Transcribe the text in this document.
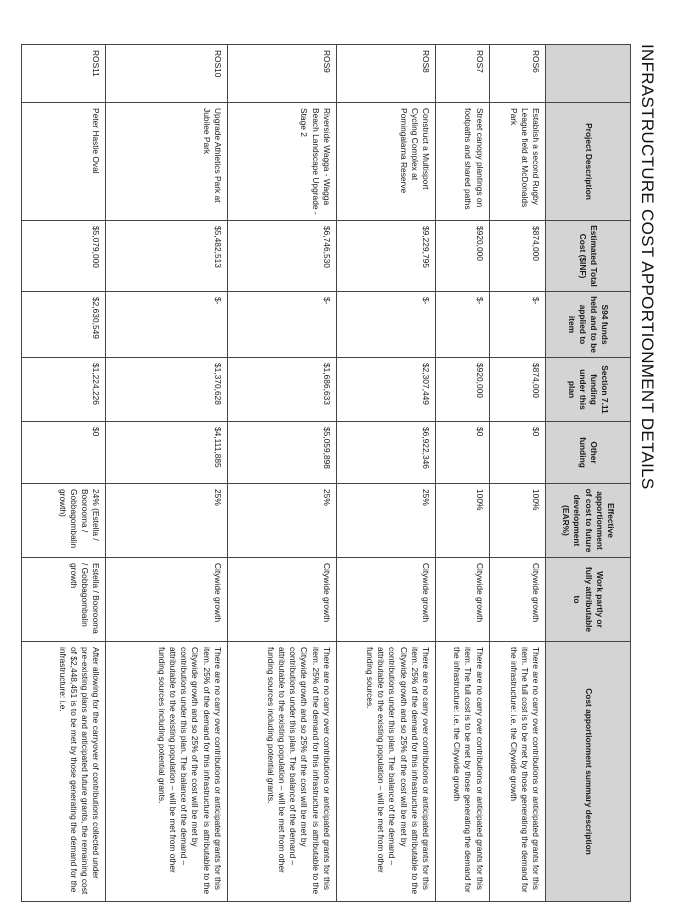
INFRASTRUCTURE COST APPORTIONMENT DETAILS
	Project Description	Estimated Total Cost ($INF)	S94 funds held and to be applied to item	Section 7.11 funding under this plan	Other funding	Effective apportionment of cost to future development (EAR%)	Work partly or fully attributable to	Cost apportionment summary description
ROS6	Establish a second Rugby League field at McDonalds Park	$874,000	$-	$874,000	$0	100%	Citywide growth	There are no carry over contributions or anticipated grants for this item. The full cost is to be met by those generating the demand for the infrastructure: i.e. the Citywide growth
ROS7	Street canopy plantings on footpaths and shared paths	$920,000	$-	$920,000	$0	100%	Citywide growth	There are no carry over contributions or anticipated grants for this item. The full cost is to be met by those generating the demand for the infrastructure: i.e. the Citywide growth
ROS8	Construct a Multisport Cycling Complex at Pomingalarna Reserve	$9,229,795	$-	$2,307,449	$6,922,346	25%	Citywide growth	There are no carry over contributions or anticipated grants for this item. 25% of the demand for this infrastructure is attributable to the Citywide growth and so 25% of the cost will be met by contributions under this plan. The balance of the demand – attributable to the existing population – will be met from other funding sources.
ROS9	Riverside Wagga - Wagga Beach Landscape Upgrade - Stage 2	$6,746,530	$-	$1,686,633	$5,059,898	25%	Citywide growth	There are no carry over contributions or anticipated grants for this item. 25% of the demand for this infrastructure is attributable to the Citywide growth and so 25% of the cost will be met by contributions under this plan. The balance of the demand – attributable to the existing population – will be met from other funding sources including potential grants.
ROS10	Upgrade Athletics Park at Jubilee Park	$5,482,513	$-	$1,370,628	$4,111,885	25%	Citywide growth	There are no carry over contributions or anticipated grants for this item. 25% of the demand for this infrastructure is attributable to the Citywide growth and so 25% of the cost will be met by contributions under this plan. The balance of the demand – attributable to the existing population – will be met from other funding sources including potential grants.
ROS11	Peter Hastie Oval	$5,079,000	$2,630,549	$1,224,226	$0	24% (Estella / Boorooma / Gobbagombalin growth)	Estella / Boorooma / Gobbagombalin growth	After allowing for the carryover of contributions collected under pre-existing plans and anticipated future grants, the remaining cost of $2,448,451 is to be met by those generating the demand for the infrastructure: i.e.
